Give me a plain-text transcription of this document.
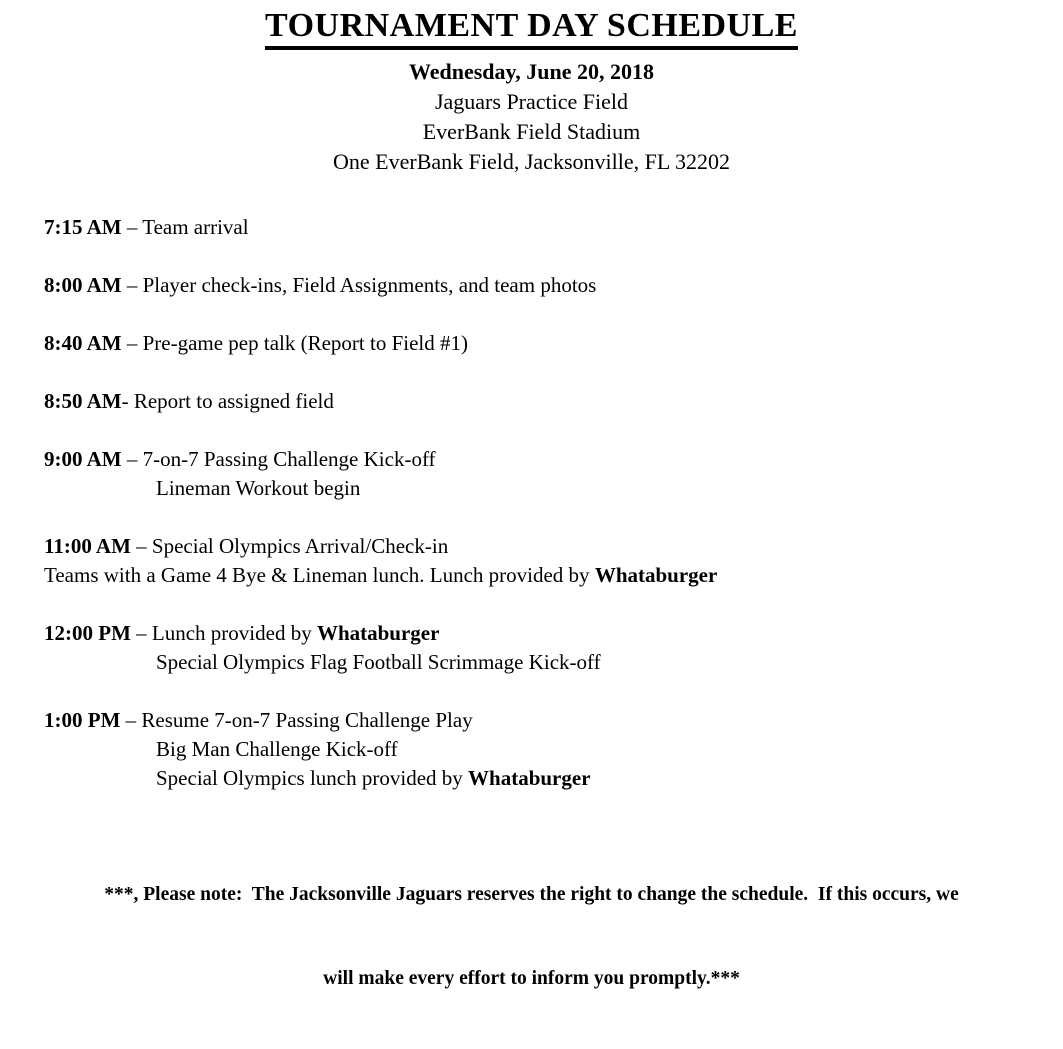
TOURNAMENT DAY SCHEDULE
Wednesday, June 20, 2018
Jaguars Practice Field
EverBank Field Stadium
One EverBank Field, Jacksonville, FL 32202
7:15 AM – Team arrival
8:00 AM – Player check-ins, Field Assignments, and team photos
8:40 AM – Pre-game pep talk (Report to Field #1)
8:50 AM- Report to assigned field
9:00 AM – 7-on-7 Passing Challenge Kick-off
Lineman Workout begin
11:00 AM – Special Olympics Arrival/Check-in
Teams with a Game 4 Bye & Lineman lunch. Lunch provided by Whataburger
12:00 PM – Lunch provided by Whataburger
Special Olympics Flag Football Scrimmage Kick-off
1:00 PM – Resume 7-on-7 Passing Challenge Play
Big Man Challenge Kick-off
Special Olympics lunch provided by Whataburger

***, Please note:  The Jacksonville Jaguars reserves the right to change the schedule.  If this occurs, we

will make every effort to inform you promptly.***
